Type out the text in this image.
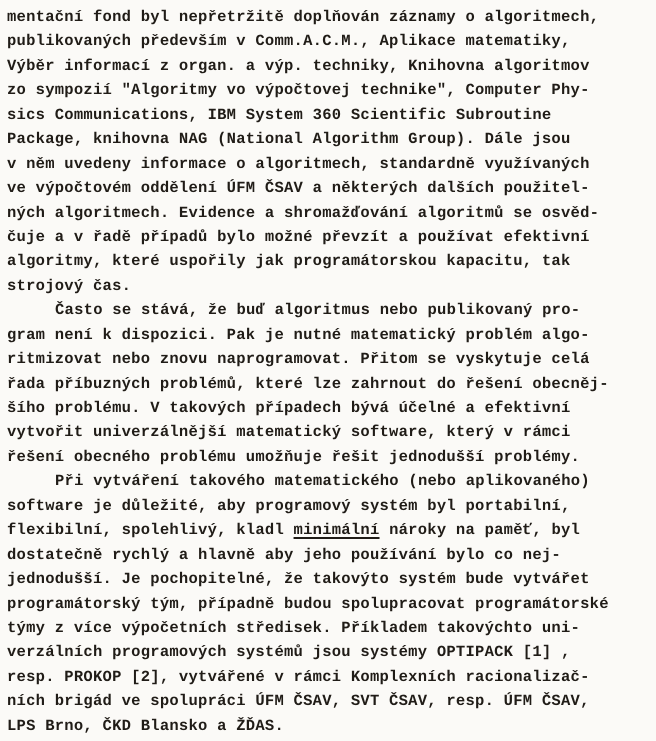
mentační fond byl nepřetržitě doplňován záznamy o algoritmech,
publikovaných především v Comm.A.C.M., Aplikace matematiky,
Výběr informací z organ. a výp. techniky, Knihovna algoritmov
zo sympozií "Algoritmy vo výpočtovej technike", Computer Phy-
sics Communications, IBM System 360 Scientific Subroutine
Package, knihovna NAG (National Algorithm Group). Dále jsou
v něm uvedeny informace o algoritmech, standardně využívaných
ve výpočtovém oddělení ÚFM ČSAV a některých dalších použitel-
ných algoritmech. Evidence a shromažďování algoritmů se osvěd-
čuje a v řadě případů bylo možné převzít a používat efektivní
algoritmy, které uspořily jak programátorskou kapacitu, tak
strojový čas.
Často se stává, že buď algoritmus nebo publikovaný pro-
gram není k dispozici. Pak je nutné matematický problém algo-
ritmizovat nebo znovu naprogramovat. Přitom se vyskytuje celá
řada příbuzných problémů, které lze zahrnout do řešení obecněj-
šího problému. V takových případech bývá účelné a efektivní
vytvořit univerzálnější matematický software, který v rámci
řešení obecného problému umožňuje řešit jednodušší problémy.
Při vytváření takového matematického (nebo aplikovaného)
software je důležité, aby programový systém byl portabilní,
flexibilní, spolehlivý, kladl minimální nároky na paměť, byl
dostatečně rychlý a hlavně aby jeho používání bylo co nej-
jednodušší. Je pochopitelné, že takovýto systém bude vytvářet
programátorský tým, případně budou spolupracovat programátorské
týmy z více výpočetních středisek. Příkladem takovýchto uni-
verzálních programových systémů jsou systémy OPTIPACK [1] ,
resp. PROKOP [2], vytvářené v rámci Komplexních racionalizač-
ních brigád ve spolupráci ÚFM ČSAV, SVT ČSAV, resp. ÚFM ČSAV,
LPS Brno, ČKD Blansko a ŽĎAS.
